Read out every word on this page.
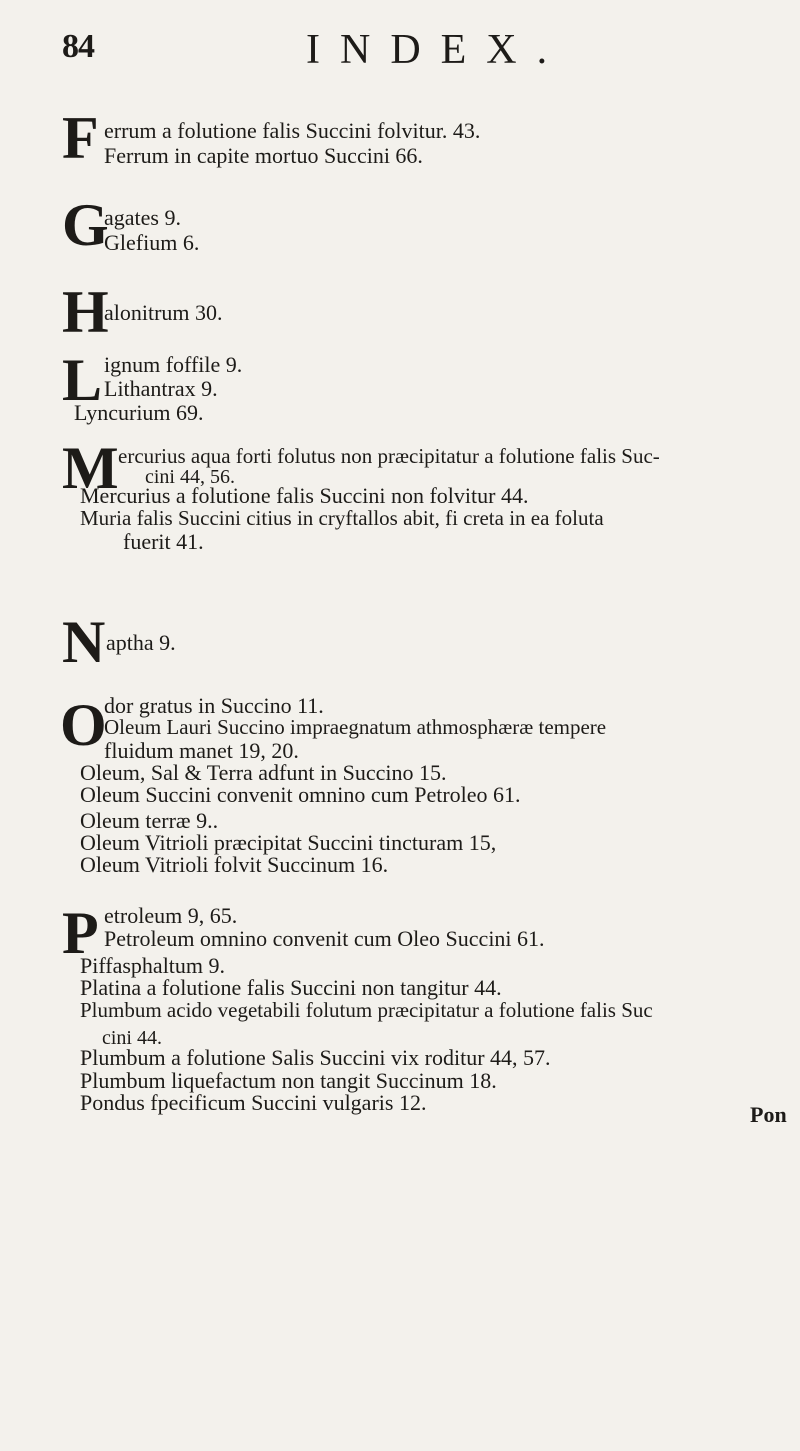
84	INDEX.
F errum a folutione falis Succini folvitur. 43.
Ferrum in capite mortuo Succini 66.
G
agates 9.
Glefium 6.
H
alonitrum 30.
L ignum foffile 9.
Lithantrax 9.
Lyncurium 69.
M ercurius aqua forti folutus non præcipitatur a folutione falis Suc-
cini 44, 56.
Mercurius a folutione falis Succini non folvitur 44.
Muria falis Succini citius in cryftallos abit, fi creta in ea foluta
fuerit 41.
N aptha 9.
O
dor gratus in Succino 11.
Oleum Lauri Succino impraegnatum athmosphæræ tempere
fluidum manet 19, 20.
Oleum, Sal & Terra adfunt in Succino 15.
Oleum Succini convenit omnino cum Petroleo 61.
Oleum terræ 9..
Oleum Vitrioli præcipitat Succini tincturam 15,
Oleum Vitrioli folvit Succinum 16.
P etroleum 9, 65.
Petroleum omnino convenit cum Oleo Succini 61.
Piffasphaltum 9.
Platina a folutione falis Succini non tangitur 44.
Plumbum acido vegetabili folutum præcipitatur a folutione falis Suc
cini 44.
Plumbum a folutione Salis Succini vix roditur 44, 57.
Plumbum liquefactum non tangit Succinum 18.
Pondus fpecificum Succini vulgaris 12.	Pon
